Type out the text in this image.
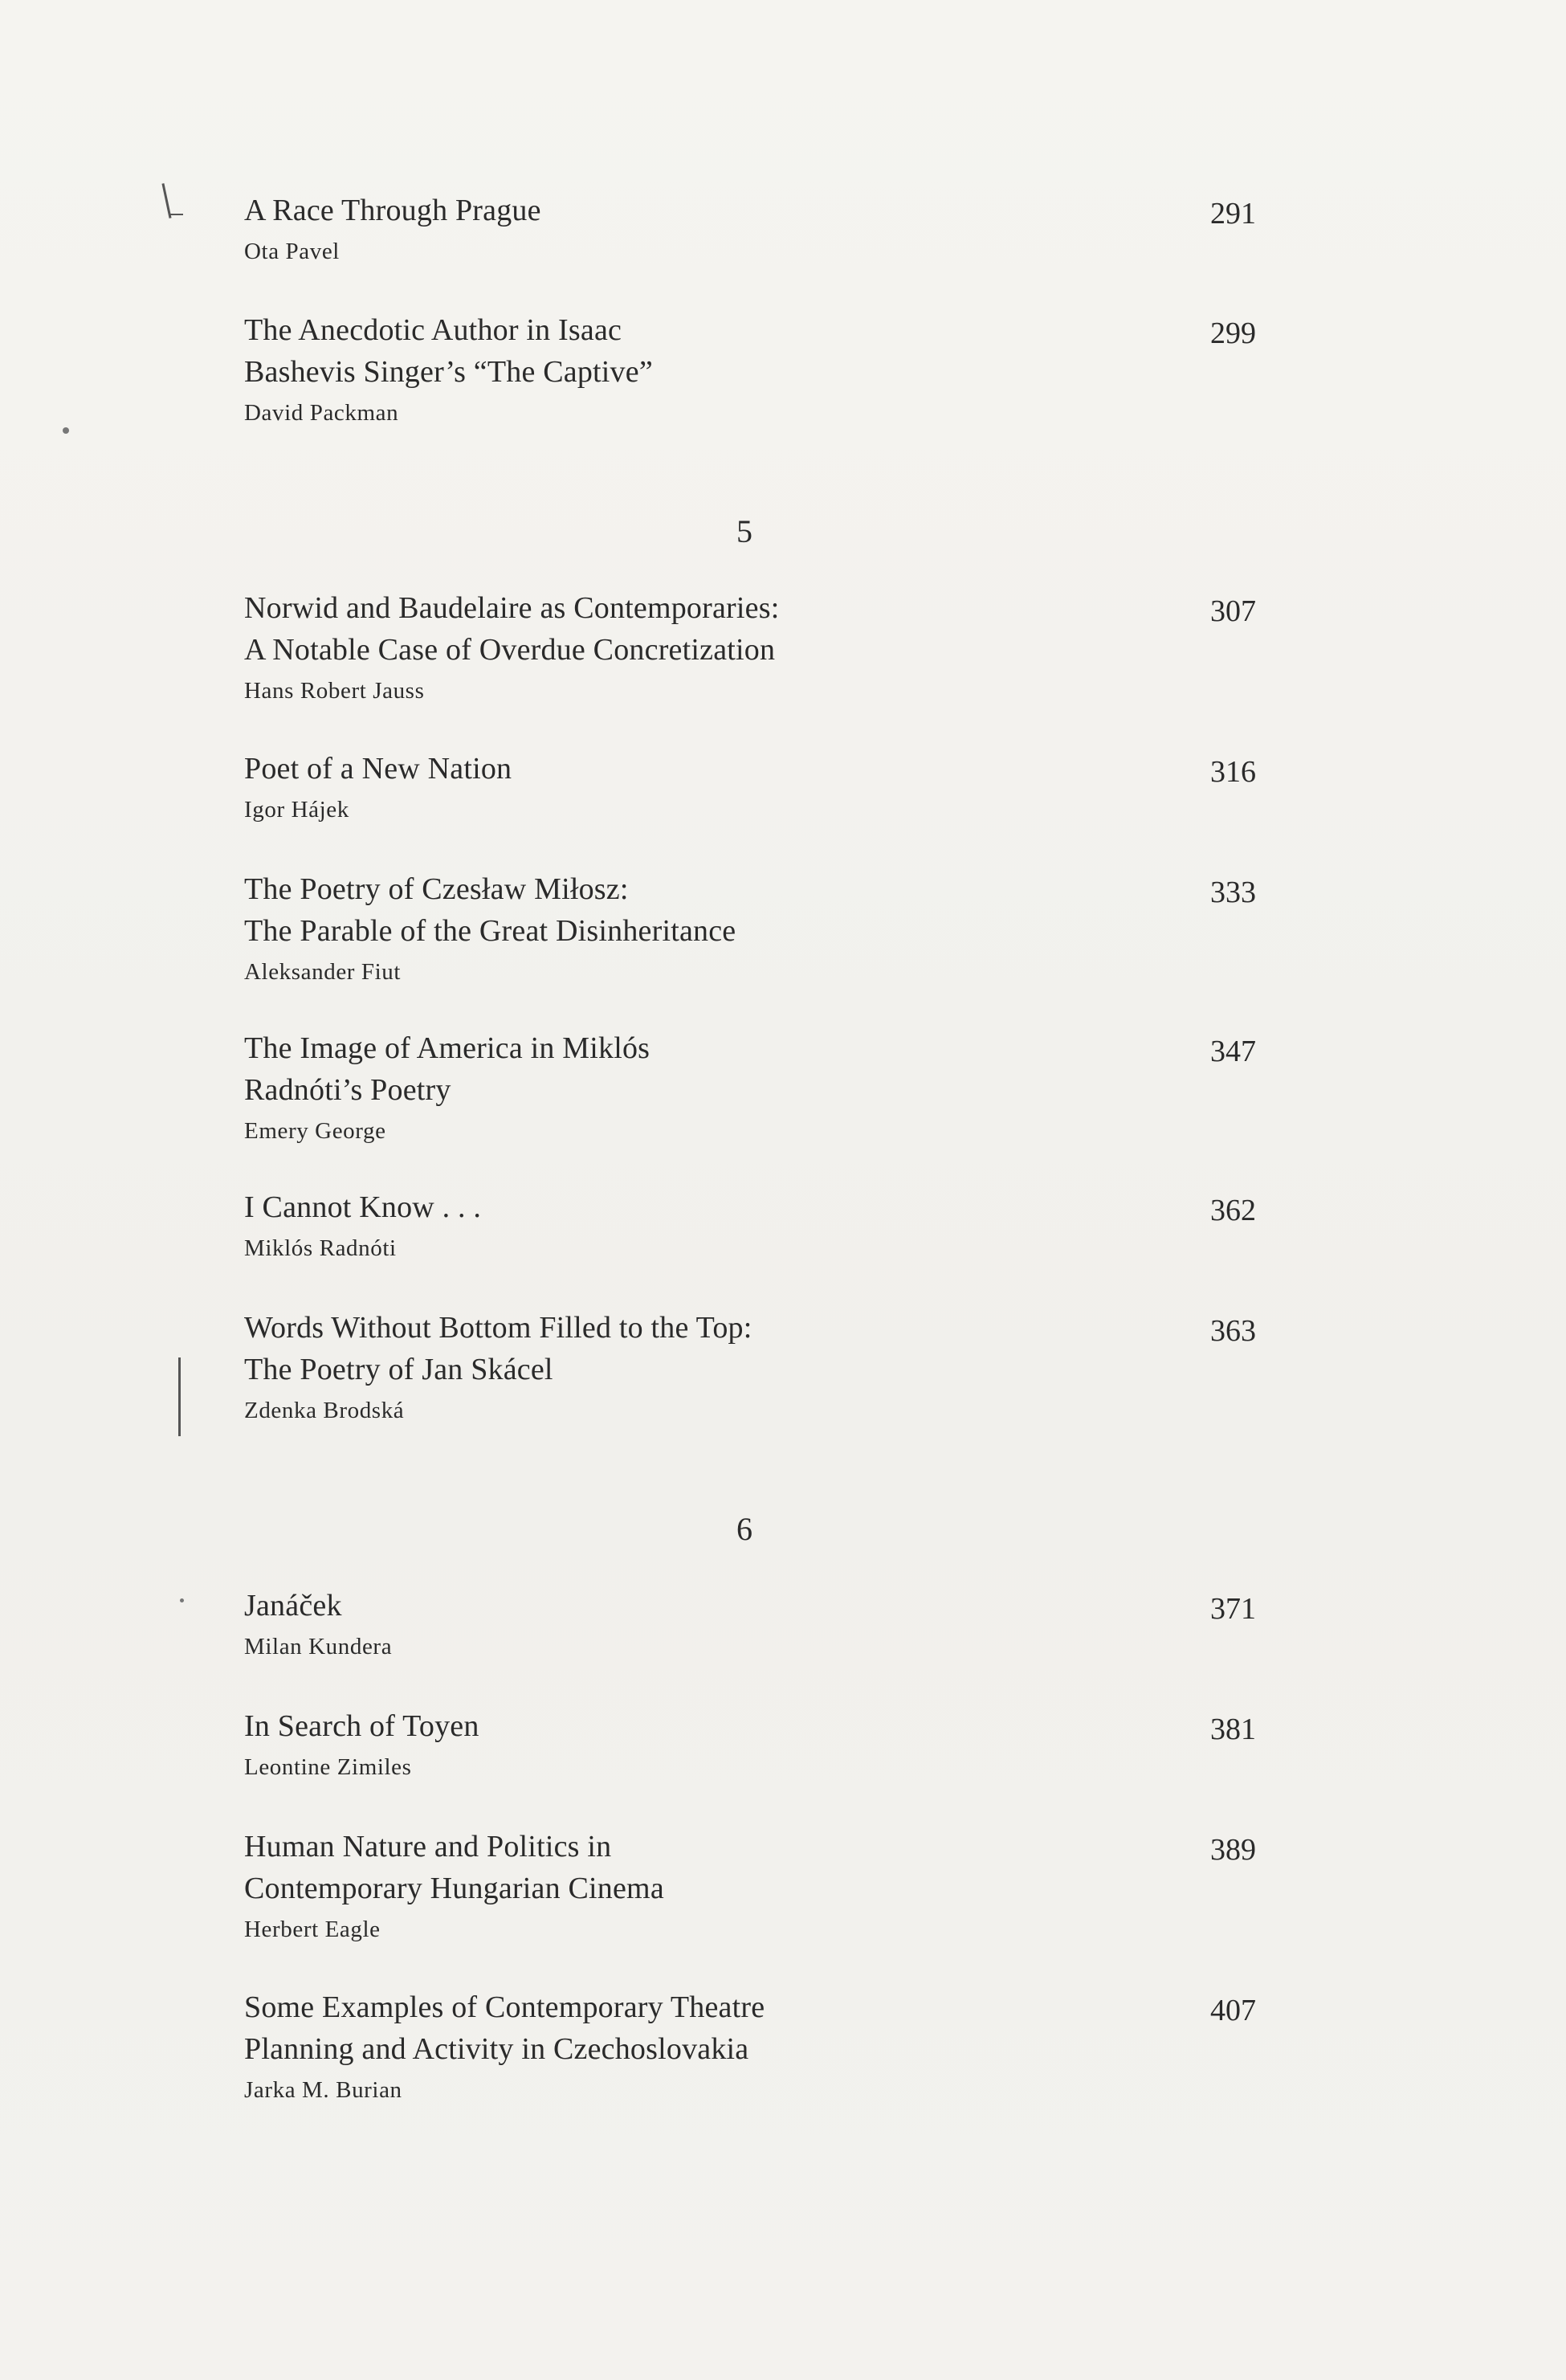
A Race Through Prague
Ota Pavel
291
The Anecdotic Author in Isaac
Bashevis Singer’s “The Captive”
David Packman
299
5
Norwid and Baudelaire as Contemporaries:
A Notable Case of Overdue Concretization
Hans Robert Jauss
307
Poet of a New Nation
Igor Hájek
316
The Poetry of Czesław Miłosz:
The Parable of the Great Disinheritance
Aleksander Fiut
333
The Image of America in Miklós
Radnóti’s Poetry
Emery George
347
I Cannot Know . . .
Miklós Radnóti
362
Words Without Bottom Filled to the Top:
The Poetry of Jan Skácel
Zdenka Brodská
363
6
Janáček
Milan Kundera
371
In Search of Toyen
Leontine Zimiles
381
Human Nature and Politics in
Contemporary Hungarian Cinema
Herbert Eagle
389
Some Examples of Contemporary Theatre
Planning and Activity in Czechoslovakia
Jarka M. Burian
407
